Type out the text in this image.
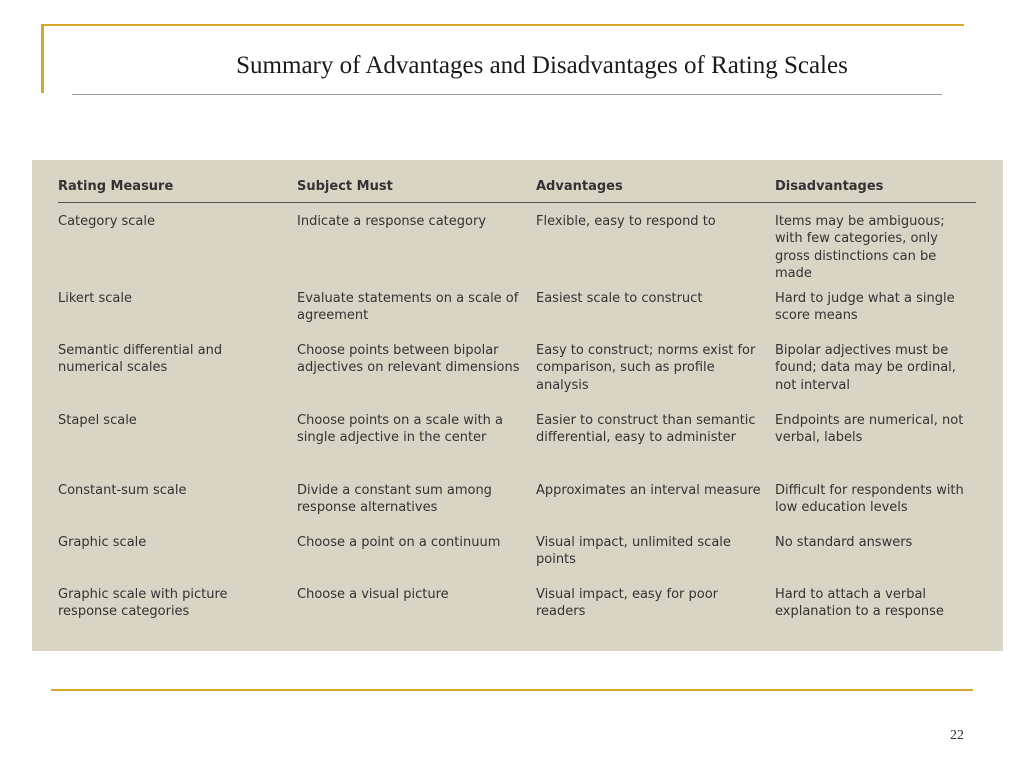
Summary of Advantages and Disadvantages of Rating Scales
Rating Measure	Subject Must	Advantages	Disadvantages
Category scale	Indicate a response category	Flexible, easy to respond to	Items may be ambiguous; with few categories, only gross distinctions can be made
Likert scale	Evaluate statements on a scale of agreement	Easiest scale to construct	Hard to judge what a single score means
Semantic differential and numerical scales	Choose points between bipolar adjectives on relevant dimensions	Easy to construct; norms exist for comparison, such as profile analysis	Bipolar adjectives must be found; data may be ordinal, not interval
Stapel scale	Choose points on a scale with a single adjective in the center	Easier to construct than semantic differential, easy to administer	Endpoints are numerical, not verbal, labels
Constant-sum scale	Divide a constant sum among response alternatives	Approximates an interval measure	Difficult for respondents with low education levels
Graphic scale	Choose a point on a continuum	Visual impact, unlimited scale points	No standard answers
Graphic scale with picture response categories	Choose a visual picture	Visual impact, easy for poor readers	Hard to attach a verbal explanation to a response
22
